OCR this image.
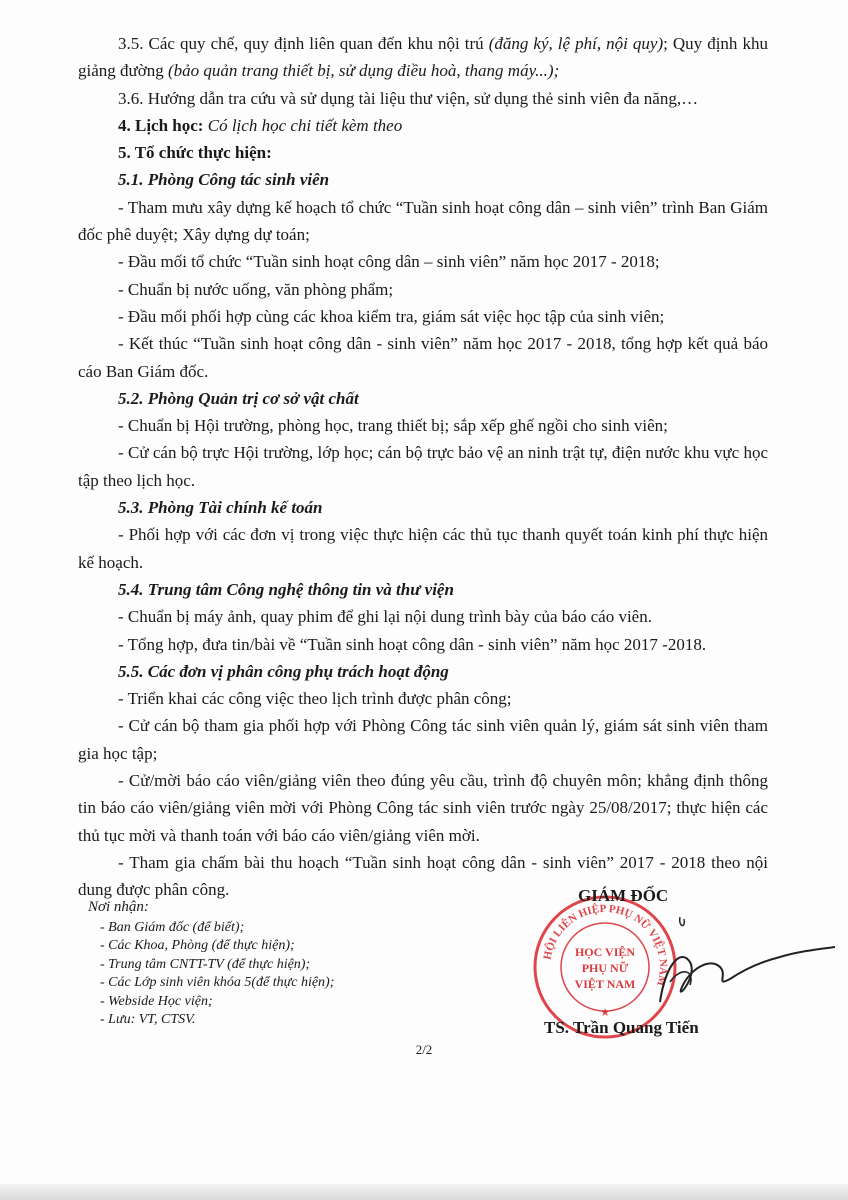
3.5. Các quy chế, quy định liên quan đến khu nội trú (đăng ký, lệ phí, nội quy); Quy định khu giảng đường (bảo quản trang thiết bị, sử dụng điều hoà, thang máy...);

3.6. Hướng dẫn tra cứu và sử dụng tài liệu thư viện, sử dụng thẻ sinh viên đa năng,…

4. Lịch học: Có lịch học chi tiết kèm theo

5. Tổ chức thực hiện:

5.1. Phòng Công tác sinh viên

- Tham mưu xây dựng kế hoạch tổ chức “Tuần sinh hoạt công dân – sinh viên” trình Ban Giám đốc phê duyệt; Xây dựng dự toán;

- Đầu mối tổ chức “Tuần sinh hoạt công dân – sinh viên” năm học 2017 - 2018;

- Chuẩn bị nước uống, văn phòng phẩm;

- Đầu mối phối hợp cùng các khoa kiểm tra, giám sát việc học tập của sinh viên;

- Kết thúc “Tuần sinh hoạt công dân - sinh viên” năm học 2017 - 2018, tổng hợp kết quả báo cáo Ban Giám đốc.

5.2. Phòng Quản trị cơ sở vật chất

- Chuẩn bị Hội trường, phòng học, trang thiết bị; sắp xếp ghế ngồi cho sinh viên;

- Cử cán bộ trực Hội trường, lớp học; cán bộ trực bảo vệ an ninh trật tự, điện nước khu vực học tập theo lịch học.

5.3. Phòng Tài chính kế toán

- Phối hợp với các đơn vị trong việc thực hiện các thủ tục thanh quyết toán kinh phí thực hiện kế hoạch.

5.4. Trung tâm Công nghệ thông tin và thư viện

- Chuẩn bị máy ảnh, quay phim để ghi lại nội dung trình bày của báo cáo viên.

- Tổng hợp, đưa tin/bài về “Tuần sinh hoạt công dân - sinh viên” năm học 2017 -2018.

5.5. Các đơn vị phân công phụ trách hoạt động

- Triển khai các công việc theo lịch trình được phân công;

- Cử cán bộ tham gia phối hợp với Phòng Công tác sinh viên quản lý, giám sát sinh viên tham gia học tập;

- Cử/mời báo cáo viên/giảng viên theo đúng yêu cầu, trình độ chuyên môn; khẳng định thông tin báo cáo viên/giảng viên mời với Phòng Công tác sinh viên trước ngày 25/08/2017; thực hiện các thủ tục mời và thanh toán với báo cáo viên/giảng viên mời.

- Tham gia chấm bài thu hoạch “Tuần sinh hoạt công dân - sinh viên” 2017 - 2018 theo nội dung được phân công.

Nơi nhận:
- Ban Giám đốc (để biết);
- Các Khoa, Phòng (để thực hiện);
- Trung tâm CNTT-TV (để thực hiện);
- Các Lớp sinh viên khóa 5(để thực hiện);
- Webside Học viện;
- Lưu: VT, CTSV.
HỘI LIÊN HIỆP PHỤ NỮ VIỆT NAM
HỌC VIỆN
PHỤ NỮ
VIỆT NAM
★
GIÁM ĐỐC
TS. Trần Quang Tiến
2/2
